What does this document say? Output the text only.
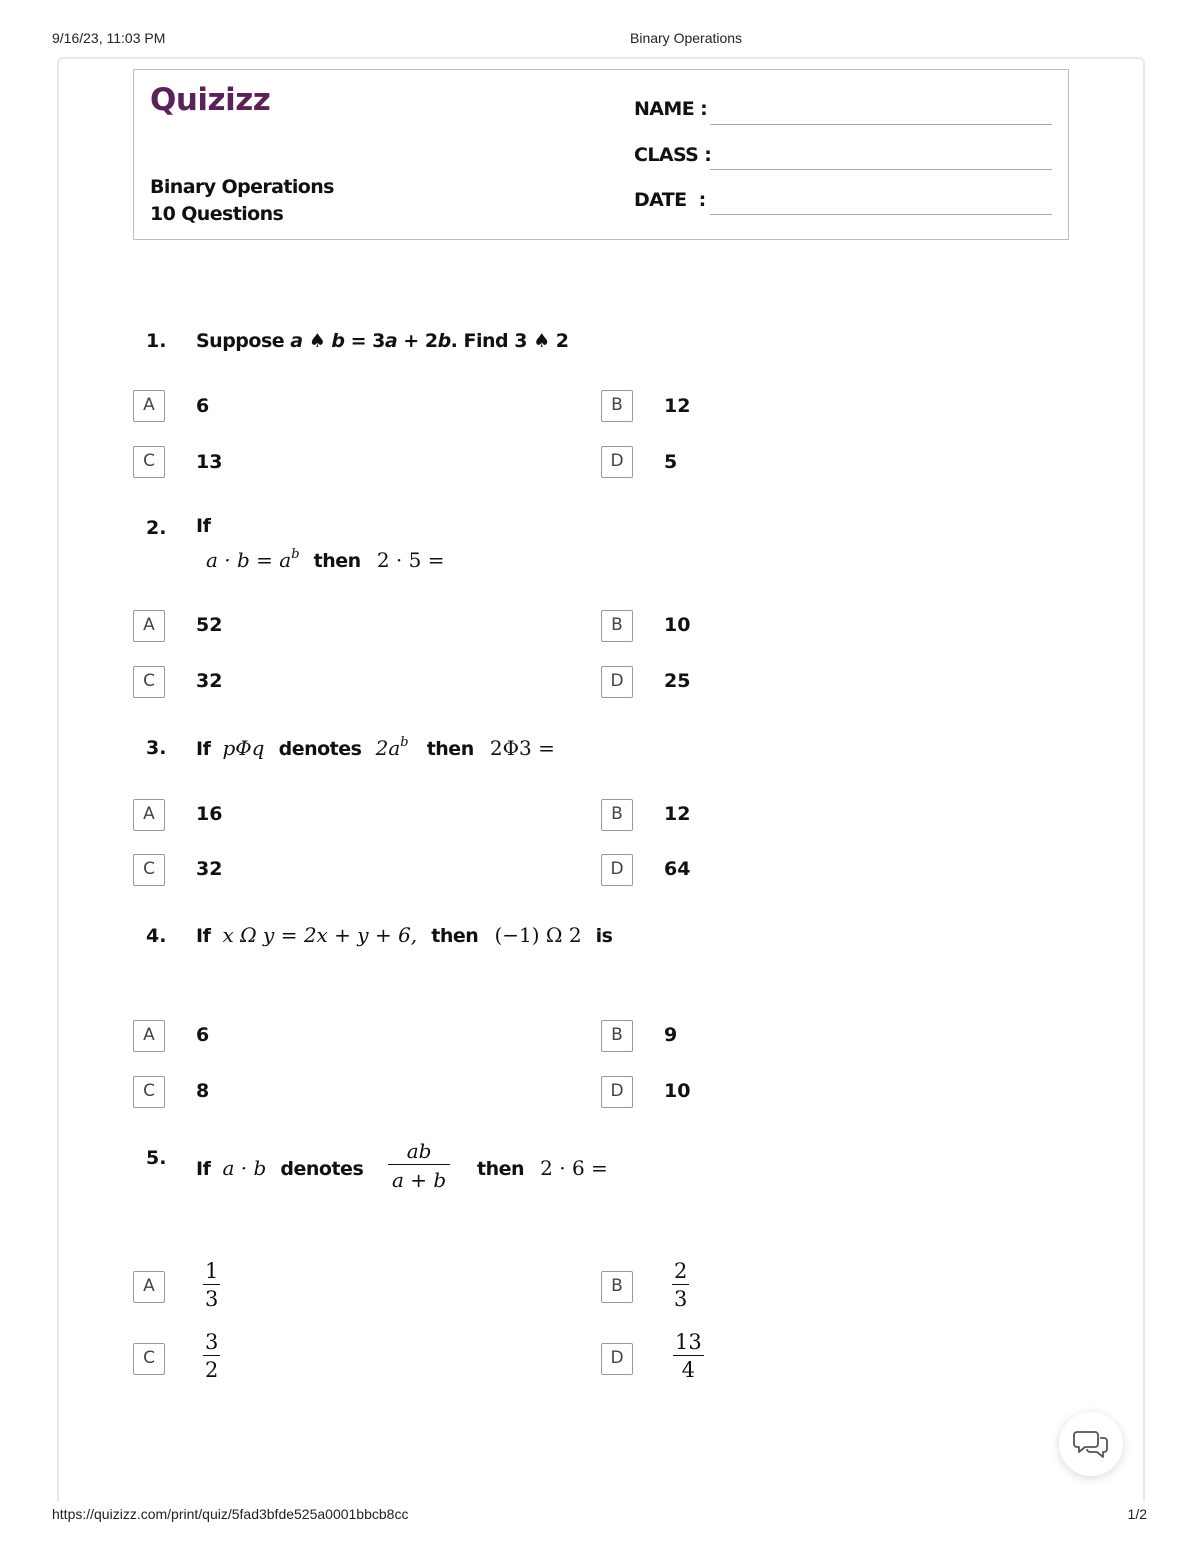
9/16/23, 11:03 PM	Binary Operations
Quizizz
Binary Operations
10 Questions
NAME :
CLASS :
DATE  :
1. Suppose a ♠ b = 3a + 2b. Find 3 ♠ 2
A	6	B	12
C	13	D	5
2. If
$a \cdot b = a^b$ then 2 · 5 =
A	52	B	10
C	32	D	25
3. If pΦq denotes $2a^b$ then 2Φ3 =
A	16	B	12
C	32	D	64
4. If x Ω y = 2x + y + 6, then (−1) Ω 2 is
A	6	B	9
C	8	D	10
5. If a · b denotes $\frac{ab}{a + b}$ then 2 · 6 =
A	$\frac{1}{3}$	B	$\frac{2}{3}$
C	$\frac{3}{2}$	D	$\frac{13}{4}$
https://quizizz.com/print/quiz/5fad3bfde525a0001bbcb8cc	1/2
